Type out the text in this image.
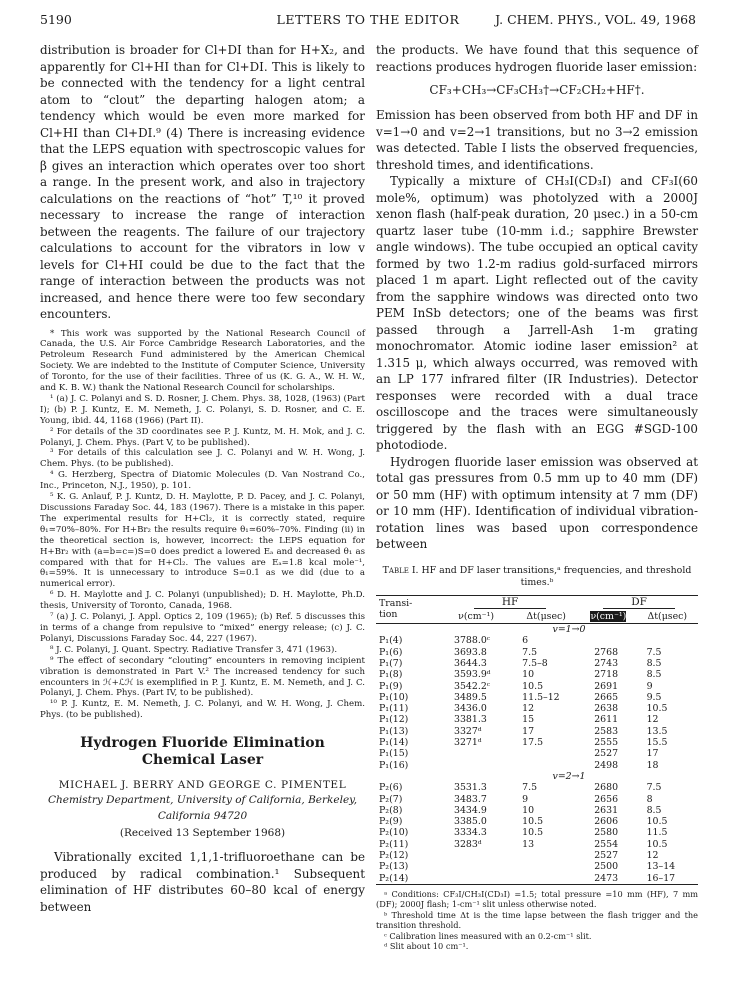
5190	LETTERS TO THE EDITOR	J. CHEM. PHYS., VOL. 49, 1968

distribution is broader for Cl+DI than for H+X₂, and apparently for Cl+HI than for Cl+DI. This is likely to be connected with the tendency for a light central atom to “clout” the departing halogen atom; a tendency which would be even more marked for Cl+HI than Cl+DI.⁹ (4) There is increasing evidence that the LEPS equation with spectroscopic values for β gives an interaction which operates over too short a range. In the present work, and also in trajectory calculations on the reactions of “hot” T,¹⁰ it proved necessary to increase the range of interaction between the reagents. The failure of our trajectory calculations to account for the vibrators in low v levels for Cl+HI could be due to the fact that the range of interaction between the products was not increased, and hence there were too few secondary encounters.

* This work was supported by the National Research Council of Canada, the U.S. Air Force Cambridge Research Laboratories, and the Petroleum Research Fund administered by the American Chemical Society. We are indebted to the Institute of Computer Science, University of Toronto, for the use of their facilities. Three of us (K. G. A., W. H. W., and K. B. W.) thank the National Research Council for scholarships.

¹ (a) J. C. Polanyi and S. D. Rosner, J. Chem. Phys. 38, 1028, (1963) (Part I); (b) P. J. Kuntz, E. M. Nemeth, J. C. Polanyi, S. D. Rosner, and C. E. Young, ibid. 44, 1168 (1966) (Part II).

² For details of the 3D coordinates see P. J. Kuntz, M. H. Mok, and J. C. Polanyi, J. Chem. Phys. (Part V, to be published).

³ For details of this calculation see J. C. Polanyi and W. H. Wong, J. Chem. Phys. (to be published).

⁴ G. Herzberg, Spectra of Diatomic Molecules (D. Van Nostrand Co., Inc., Princeton, N.J., 1950), p. 101.

⁵ K. G. Anlauf, P. J. Kuntz, D. H. Maylotte, P. D. Pacey, and J. C. Polanyi, Discussions Faraday Soc. 44, 183 (1967). There is a mistake in this paper. The experimental results for H+Cl₂, it is correctly stated, require θ₁≃70%–80%. For H+Br₂ the results require θ₁≃60%–70%. Finding (ii) in the theoretical section is, however, incorrect: the LEPS equation for H+Br₂ with (a=b=c=)S=0 does predict a lowered Eₐ and decreased θ₁ as compared with that for H+Cl₂. The values are Eₐ=1.8 kcal mole⁻¹, θ₁=59%. It is unnecessary to introduce S=0.1 as we did (due to a numerical error).

⁶ D. H. Maylotte and J. C. Polanyi (unpublished); D. H. Maylotte, Ph.D. thesis, University of Toronto, Canada, 1968.

⁷ (a) J. C. Polanyi, J. Appl. Optics 2, 109 (1965); (b) Ref. 5 discusses this in terms of a change from repulsive to “mixed” energy release; (c) J. C. Polanyi, Discussions Faraday Soc. 44, 227 (1967).

⁸ J. C. Polanyi, J. Quant. Spectry. Radiative Transfer 3, 471 (1963).

⁹ The effect of secondary “clouting” encounters in removing incipient vibration is demonstrated in Part V.² The increased tendency for such encounters in ℋ+ℒℋ is exemplified in P. J. Kuntz, E. M. Nemeth, and J. C. Polanyi, J. Chem. Phys. (Part IV, to be published).

¹⁰ P. J. Kuntz, E. M. Nemeth, J. C. Polanyi, and W. H. Wong, J. Chem. Phys. (to be published).

Hydrogen Fluoride Elimination
Chemical Laser

MICHAEL J. BERRY AND GEORGE C. PIMENTEL

Chemistry Department, University of California, Berkeley,

California 94720

(Received 13 September 1968)

Vibrationally excited 1,1,1-trifluoroethane can be produced by radical combination.¹ Subsequent elimination of HF distributes 60–80 kcal of energy between

the products. We have found that this sequence of reactions produces hydrogen fluoride laser emission:

CF₃+CH₃→CF₃CH₃†→CF₂CH₂+HF†.

Emission has been observed from both HF and DF in v=1→0 and v=2→1 transitions, but no 3→2 emission was detected. Table I lists the observed frequencies, threshold times, and identifications.

Typically a mixture of CH₃I(CD₃I) and CF₃I(60 mole%, optimum) was photolyzed with a 2000J xenon flash (half-peak duration, 20 μsec.) in a 50-cm quartz laser tube (10-mm i.d.; sapphire Brewster angle windows). The tube occupied an optical cavity formed by two 1.2-m radius gold-surfaced mirrors placed 1 m apart. Light reflected out of the cavity from the sapphire windows was directed onto two PEM InSb detectors; one of the beams was first passed through a Jarrell-Ash 1-m grating monochromator. Atomic iodine laser emission² at 1.315 μ, which always occurred, was removed with an LP 177 infrared filter (IR Industries). Detector responses were recorded with a dual trace oscilloscope and the traces were simultaneously triggered by the flash with an EGG #SGD-100 photodiode.

Hydrogen fluoride laser emission was observed at total gas pressures from 0.5 mm up to 40 mm (DF) or 50 mm (HF) with optimum intensity at 7 mm (DF) or 10 mm (HF). Identification of individual vibration-rotation lines was based upon correspondence between

Table I. HF and DF laser transitions,ᵃ frequencies, and threshold times.ᵇ
Transi-
tion	HF		DF	
	ν(cm⁻¹)	Δt(μsec)	ν(cm⁻¹)	Δt(μsec)
	v=1→0			
P₁(4)	3788.0ᶜ	6		
P₁(6)	3693.8	7.5	2768	7.5
P₁(7)	3644.3	7.5–8	2743	8.5
P₁(8)	3593.9ᵈ	10	2718	8.5
P₁(9)	3542.2ᶜ	10.5	2691	9
P₁(10)	3489.5	11.5–12	2665	9.5
P₁(11)	3436.0	12	2638	10.5
P₁(12)	3381.3	15	2611	12
P₁(13)	3327ᵈ	17	2583	13.5
P₁(14)	3271ᵈ	17.5	2555	15.5
P₁(15)			2527	17
P₁(16)			2498	18
	v=2→1			
P₂(6)	3531.3	7.5	2680	7.5
P₂(7)	3483.7	9	2656	8
P₂(8)	3434.9	10	2631	8.5
P₂(9)	3385.0	10.5	2606	10.5
P₂(10)	3334.3	10.5	2580	11.5
P₂(11)	3283ᵈ	13	2554	10.5
P₂(12)			2527	12
P₂(13)			2500	13–14
P₂(14)			2473	16–17

ᵃ Conditions: CF₃I/CH₃I(CD₃I) =1.5; total pressure =10 mm (HF), 7 mm (DF); 2000J flash; 1-cm⁻¹ slit unless otherwise noted.

ᵇ Threshold time Δt is the time lapse between the flash trigger and the transition threshold.

ᶜ Calibration lines measured with an 0.2-cm⁻¹ slit.

ᵈ Slit about 10 cm⁻¹.
